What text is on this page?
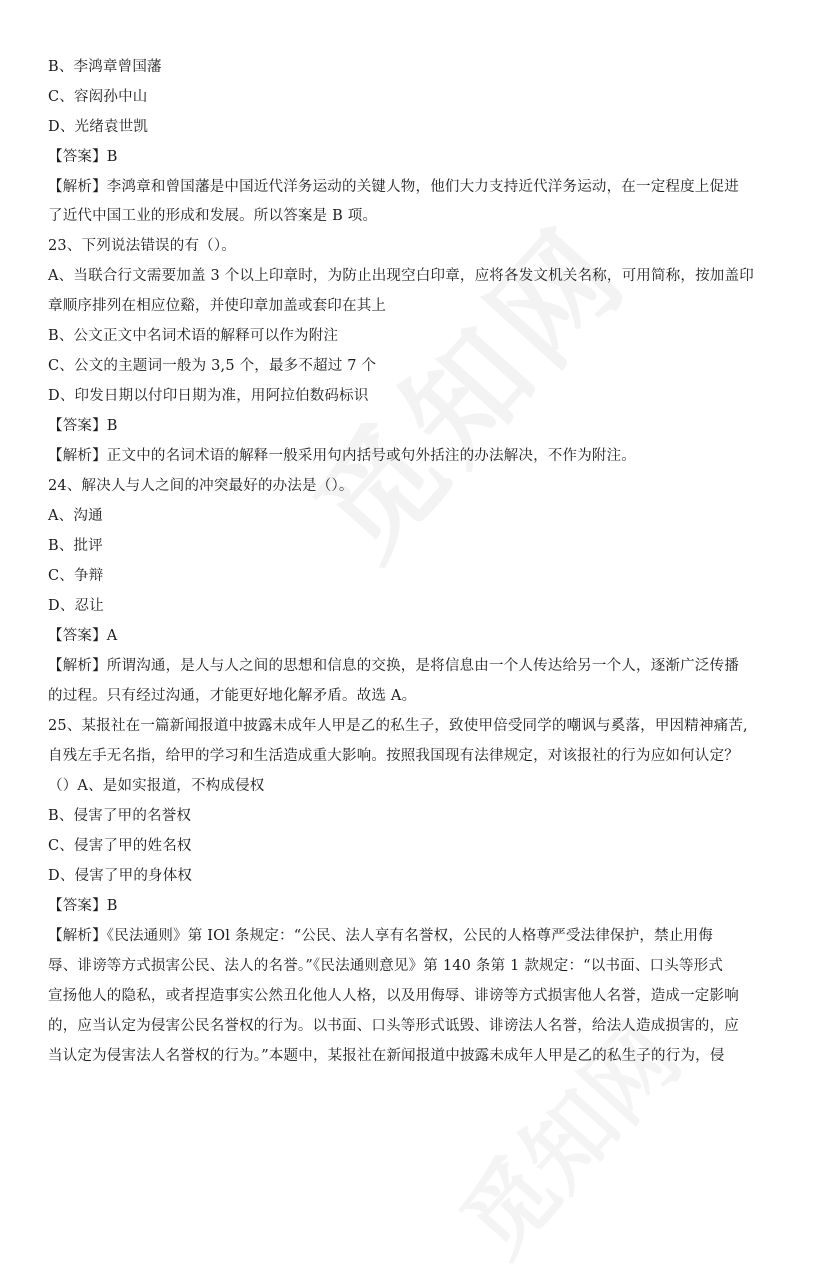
B、李鸿章曾国藩
C、容闳孙中山
D、光绪袁世凯
【答案】B
【解析】李鸿章和曾国藩是中国近代洋务运动的关键人物，他们大力支持近代洋务运动，在一定程度上促进
了近代中国工业的形成和发展。所以答案是 B 项。
23、下列说法错误的有（）。
A、当联合行文需要加盖 3 个以上印章时，为防止出现空白印章，应将各发文机关名称，可用简称，按加盖印
章顺序排列在相应位谿，并使印章加盖或套印在其上
B、公文正文中名词术语的解释可以作为附注
C、公文的主题词一般为 3,5 个，最多不超过 7 个
D、印发日期以付印日期为准，用阿拉伯数码标识
【答案】B
【解析】正文中的名词术语的解释一般采用句内括号或句外括注的办法解决，不作为附注。
24、解决人与人之间的冲突最好的办法是（）。
A、沟通
B、批评
C、争辩
D、忍让
【答案】A
【解析】所谓沟通，是人与人之间的思想和信息的交换，是将信息由一个人传达给另一个人，逐渐广泛传播
的过程。只有经过沟通，才能更好地化解矛盾。故选 A。
25、某报社在一篇新闻报道中披露未成年人甲是乙的私生子，致使甲倍受同学的嘲讽与奚落，甲因精神痛苦,
自残左手无名指，给甲的学习和生活造成重大影响。按照我国现有法律规定，对该报社的行为应如何认定？
（）A、是如实报道，不构成侵权
B、侵害了甲的名誉权
C、侵害了甲的姓名权
D、侵害了甲的身体权
【答案】B
【解析】《民法通则》第 IOl 条规定：“公民、法人享有名誉权，公民的人格尊严受法律保护，禁止用侮
辱、诽谤等方式损害公民、法人的名誉。”《民法通则意见》第 140 条第 1 款规定：“以书面、口头等形式
宣扬他人的隐私，或者捏造事实公然丑化他人人格，以及用侮辱、诽谤等方式损害他人名誉，造成一定影响
的，应当认定为侵害公民名誉权的行为。以书面、口头等形式诋毁、诽谤法人名誉，给法人造成损害的，应
当认定为侵害法人名誉权的行为。”本题中，某报社在新闻报道中披露未成年人甲是乙的私生子的行为，侵
